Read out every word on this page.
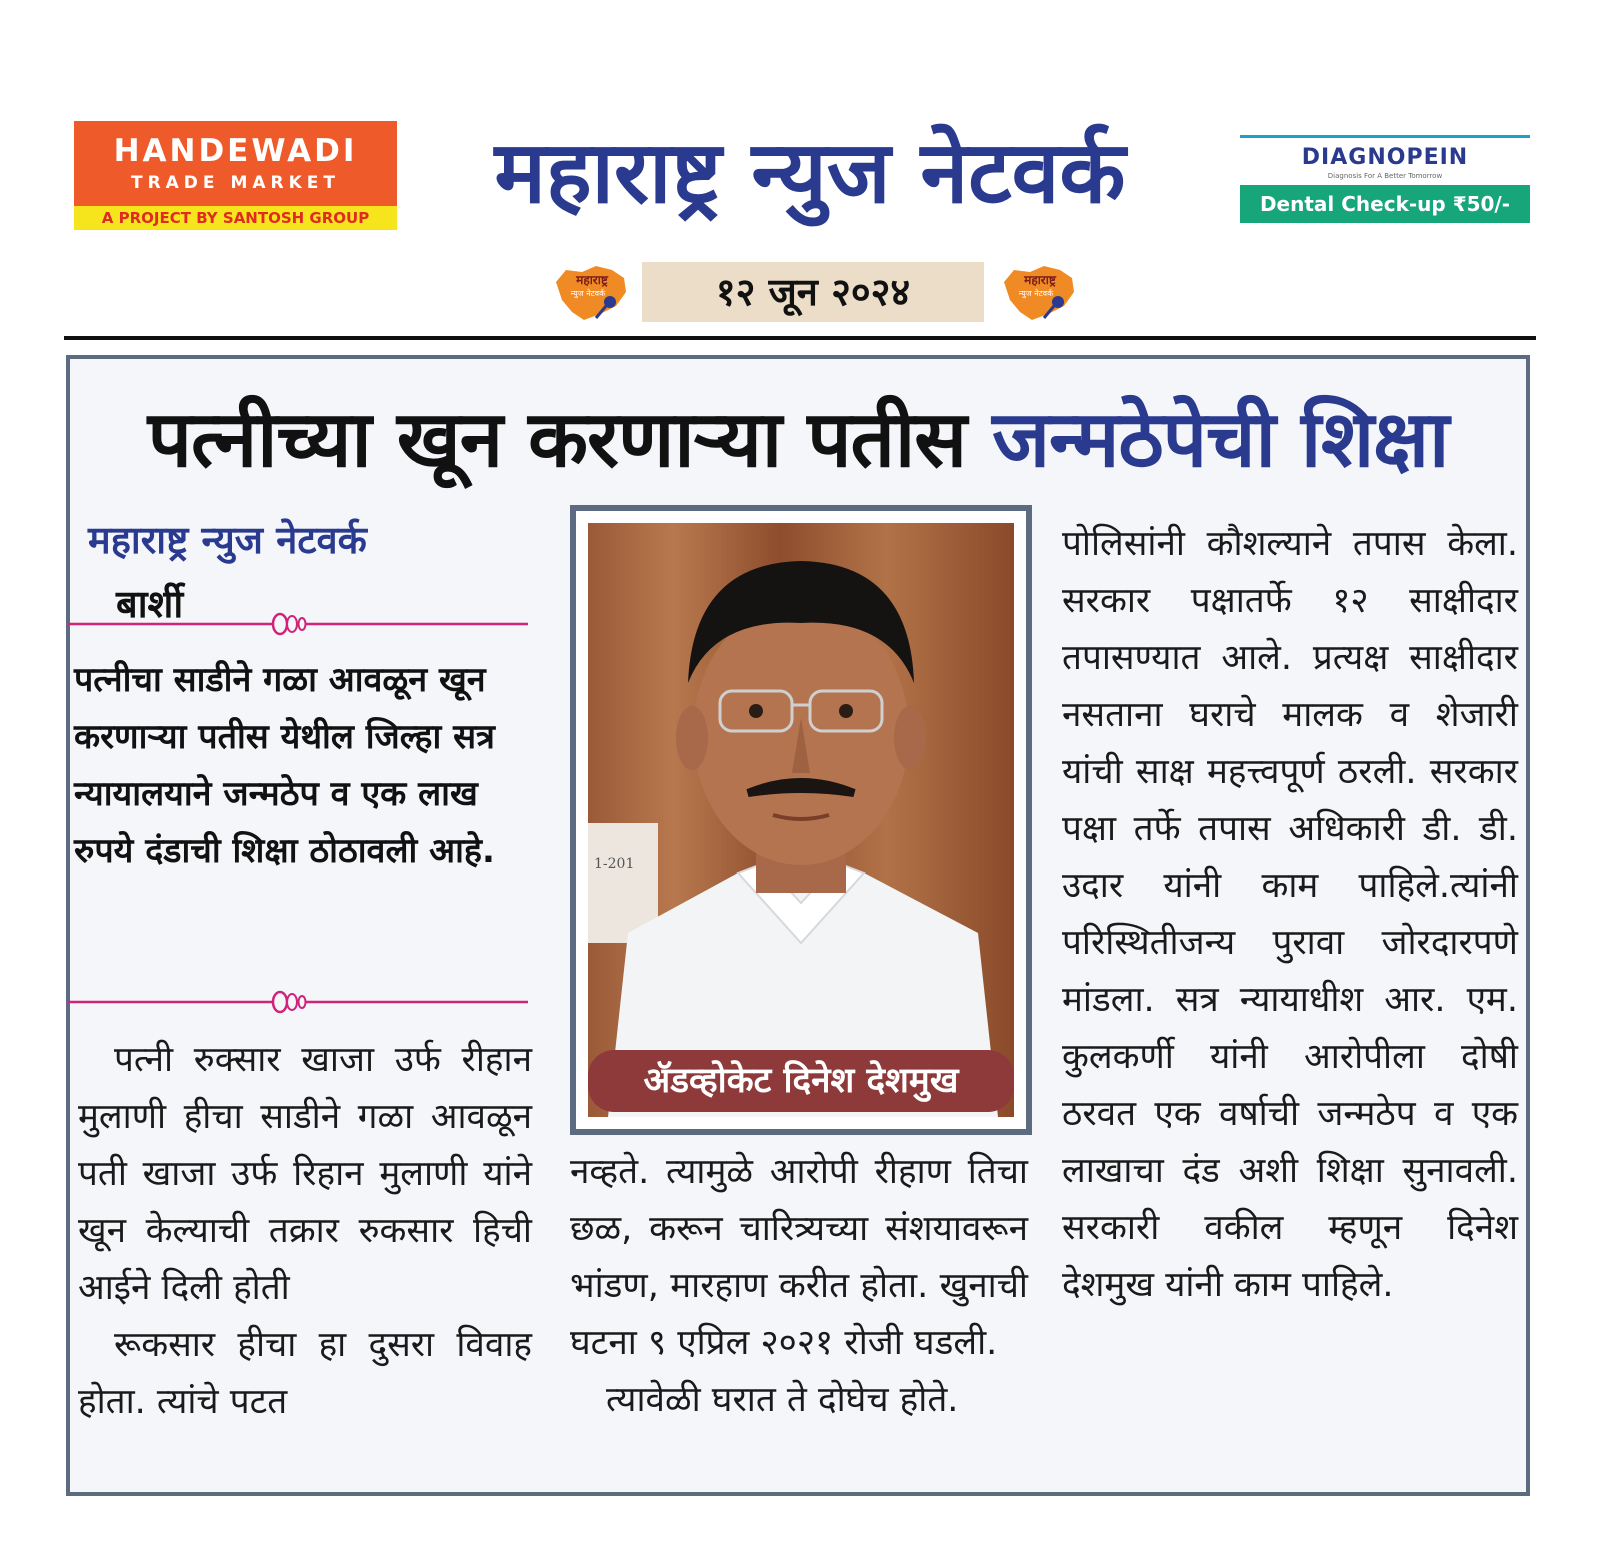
HANDEWADI
TRADE MARKET
A PROJECT BY SANTOSH GROUP	महाराष्ट्र न्युज नेटवर्क	DIAGNOPEIN
Diagnosis For A Better Tomorrow
Dental Check-up ₹50/-
महाराष्ट्र
न्युज नेटवर्क	१२ जून २०२४	महाराष्ट्र
न्युज नेटवर्क
पत्नीच्या खून करणाऱ्या पतीस जन्मठेपेची शिक्षा
महाराष्ट्र न्युज नेटवर्क
बार्शी
पत्नीचा साडीने गळा आवळून खून करणाऱ्या पतीस येथील जिल्हा सत्र न्यायालयाने जन्मठेप व एक लाख रुपये दंडाची शिक्षा ठोठावली आहे.

पत्नी रुक्सार खाजा उर्फ रीहान मुलाणी हीचा साडीने गळा आवळून पती खाजा उर्फ रिहान मुलाणी यांने खून केल्याची तक्रार रुकसार हिची आईने दिली होती

रूकसार हीचा हा दुसरा विवाह होता. त्यांचे पटत

1-201
ॲडव्होकेट दिनेश देशमुख

नव्हते. त्यामुळे आरोपी रीहाण तिचा छळ, करून चारित्र्यच्या संशयावरून भांडण, मारहाण करीत होता. खुनाची घटना ९ एप्रिल २०२१ रोजी घडली.

त्यावेळी घरात ते दोघेच होते.

पोलिसांनी कौशल्याने तपास केला. सरकार पक्षातर्फे १२ साक्षीदार तपासण्यात आले. प्रत्यक्ष साक्षीदार नसताना घराचे मालक व शेजारी यांची साक्ष महत्त्वपूर्ण ठरली. सरकार पक्षा तर्फे तपास अधिकारी डी. डी. उदार यांनी काम पाहिले.त्यांनी परिस्थितीजन्य पुरावा जोरदारपणे मांडला. सत्र न्यायाधीश आर. एम. कुलकर्णी यांनी आरोपीला दोषी ठरवत एक वर्षाची जन्मठेप व एक लाखाचा दंड अशी शिक्षा सुनावली. सरकारी वकील म्हणून दिनेश देशमुख यांनी काम पाहिले.
